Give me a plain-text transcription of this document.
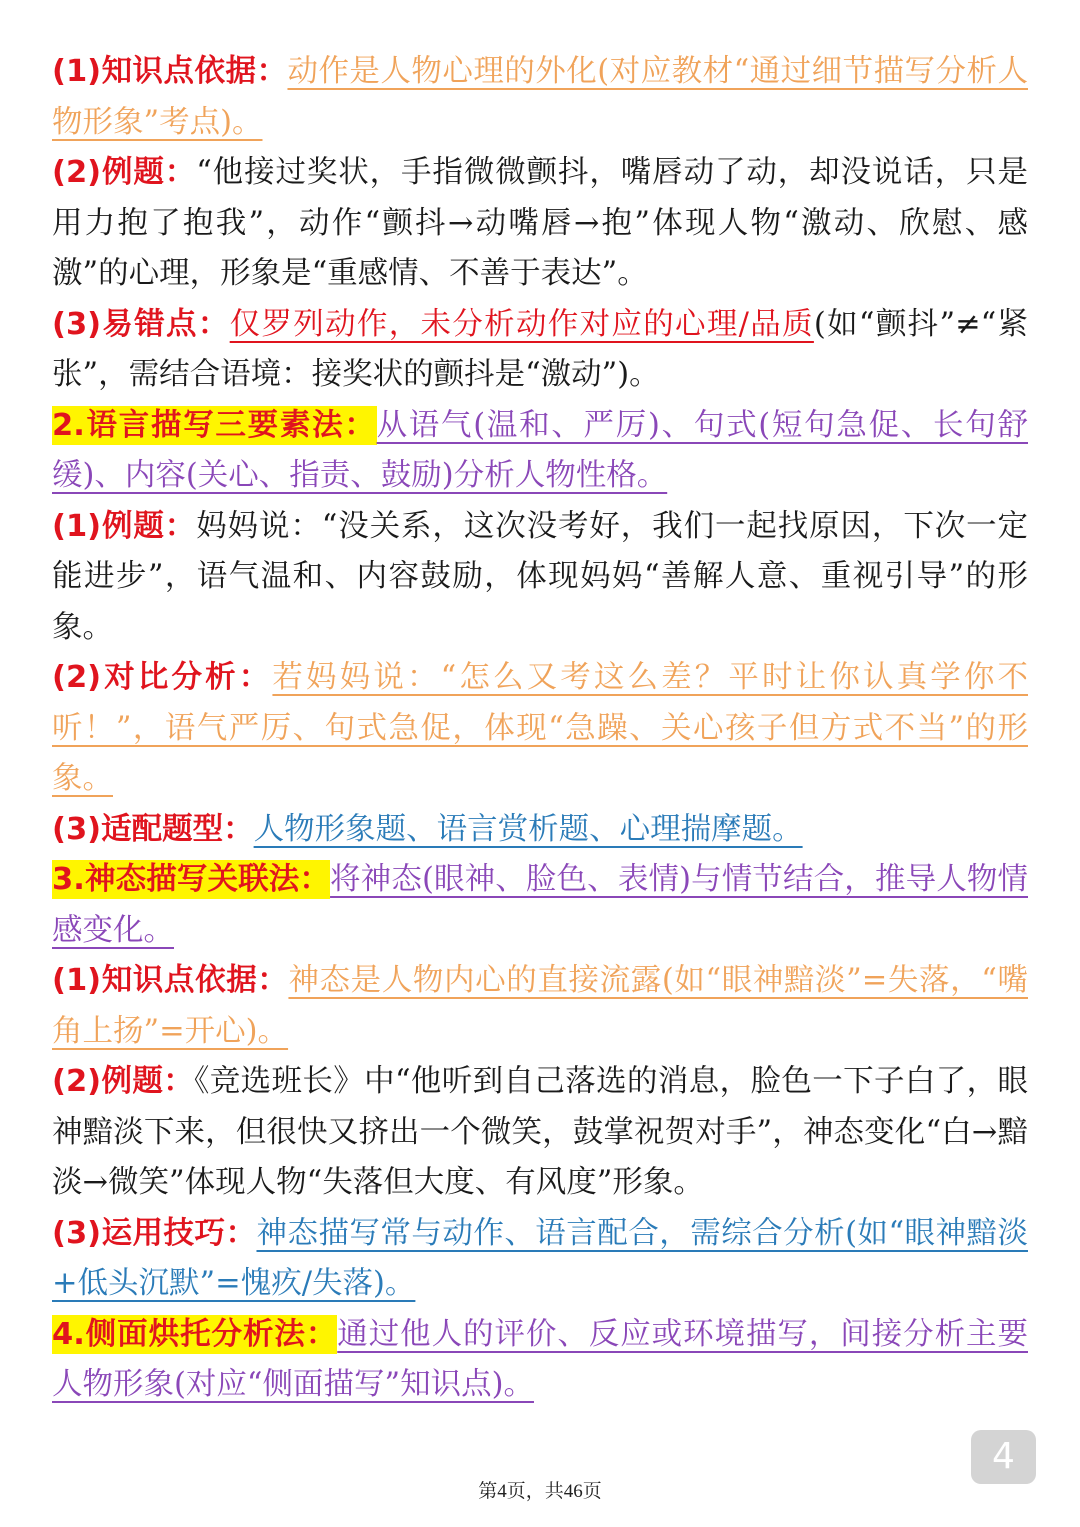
(1)知识点依据：动作是人物心理的外化(对应教材“通过细节描写分析人物形象”考点)。

(2)例题：“他接过奖状，手指微微颤抖，嘴唇动了动，却没说话，只是用力抱了抱我”，动作“颤抖→动嘴唇→抱”体现人物“激动、欣慰、感激”的心理，形象是“重感情、不善于表达”。

(3)易错点：仅罗列动作，未分析动作对应的心理/品质(如“颤抖”≠“紧张”，需结合语境：接奖状的颤抖是“激动”)。

2.语言描写三要素法：从语气(温和、严厉)、句式(短句急促、长句舒缓)、内容(关心、指责、鼓励)分析人物性格。

(1)例题：妈妈说：“没关系，这次没考好，我们一起找原因，下次一定能进步”，语气温和、内容鼓励，体现妈妈“善解人意、重视引导”的形象。

(2)对比分析：若妈妈说：“怎么又考这么差？平时让你认真学你不听！”，语气严厉、句式急促，体现“急躁、关心孩子但方式不当”的形象。

(3)适配题型：人物形象题、语言赏析题、心理揣摩题。

3.神态描写关联法：将神态(眼神、脸色、表情)与情节结合，推导人物情感变化。

(1)知识点依据：神态是人物内心的直接流露(如“眼神黯淡”=失落，“嘴角上扬”=开心)。

(2)例题：《竞选班长》中“他听到自己落选的消息，脸色一下子白了，眼神黯淡下来，但很快又挤出一个微笑，鼓掌祝贺对手”，神态变化“白→黯淡→微笑”体现人物“失落但大度、有风度”形象。

(3)运用技巧：神态描写常与动作、语言配合，需综合分析(如“眼神黯淡+低头沉默”=愧疚/失落)。

4.侧面烘托分析法：通过他人的评价、反应或环境描写，间接分析主要人物形象(对应“侧面描写”知识点)。

4
第4页，共46页
